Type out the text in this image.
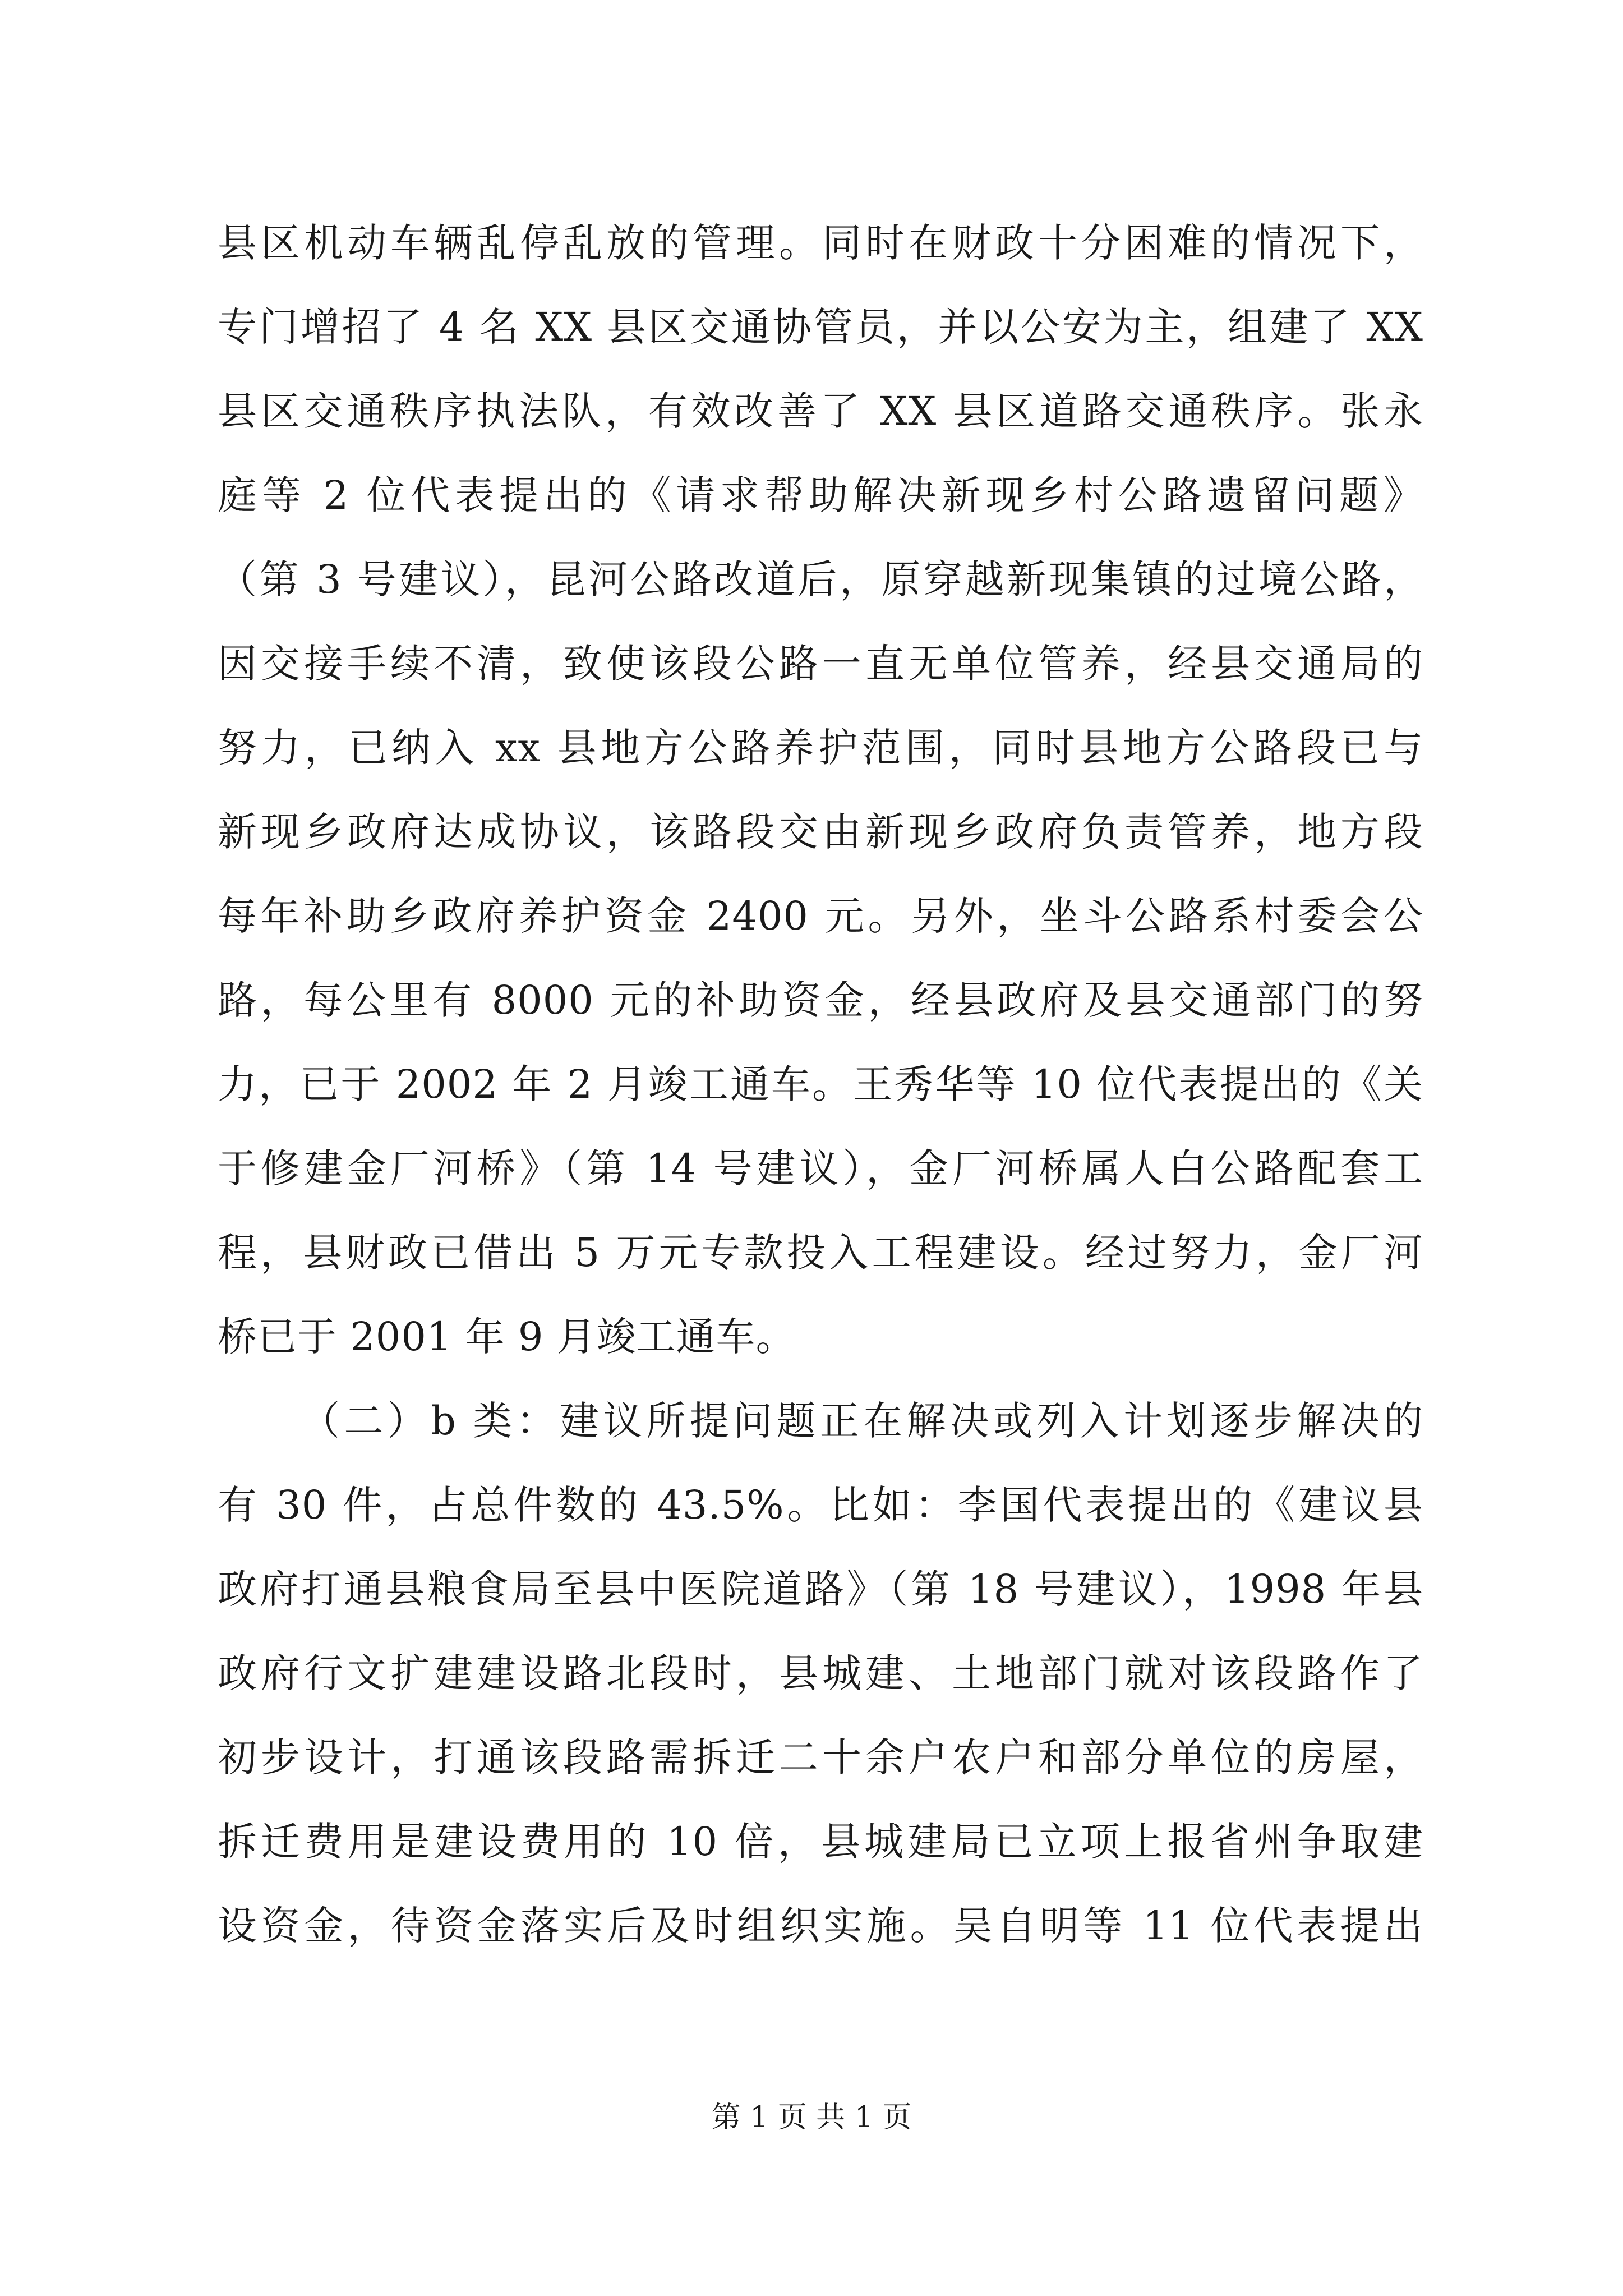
县区机动车辆乱停乱放的管理。同时在财政十分困难的情况下，
专门增招了 4 名 XX 县区交通协管员，并以公安为主，组建了 XX
县区交通秩序执法队，有效改善了 XX 县区道路交通秩序。张永
庭等 2 位代表提出的《请求帮助解决新现乡村公路遗留问题》
（第 3 号建议），昆河公路改道后，原穿越新现集镇的过境公路，
因交接手续不清，致使该段公路一直无单位管养，经县交通局的
努力，已纳入 xx 县地方公路养护范围，同时县地方公路段已与
新现乡政府达成协议，该路段交由新现乡政府负责管养，地方段
每年补助乡政府养护资金 2400 元。另外，坐斗公路系村委会公
路，每公里有 8000 元的补助资金，经县政府及县交通部门的努
力，已于 2002 年 2 月竣工通车。王秀华等 10 位代表提出的《关
于修建金厂河桥》（第 14 号建议），金厂河桥属人白公路配套工
程，县财政已借出 5 万元专款投入工程建设。经过努力，金厂河
桥已于 2001 年 9 月竣工通车。
（二）b 类：建议所提问题正在解决或列入计划逐步解决的
有 30 件，占总件数的 43.5%。比如：李国代表提出的《建议县
政府打通县粮食局至县中医院道路》（第 18 号建议），1998 年县
政府行文扩建建设路北段时，县城建、土地部门就对该段路作了
初步设计，打通该段路需拆迁二十余户农户和部分单位的房屋，
拆迁费用是建设费用的 10 倍，县城建局已立项上报省州争取建
设资金，待资金落实后及时组织实施。吴自明等 11 位代表提出
第 1 页 共 1 页
